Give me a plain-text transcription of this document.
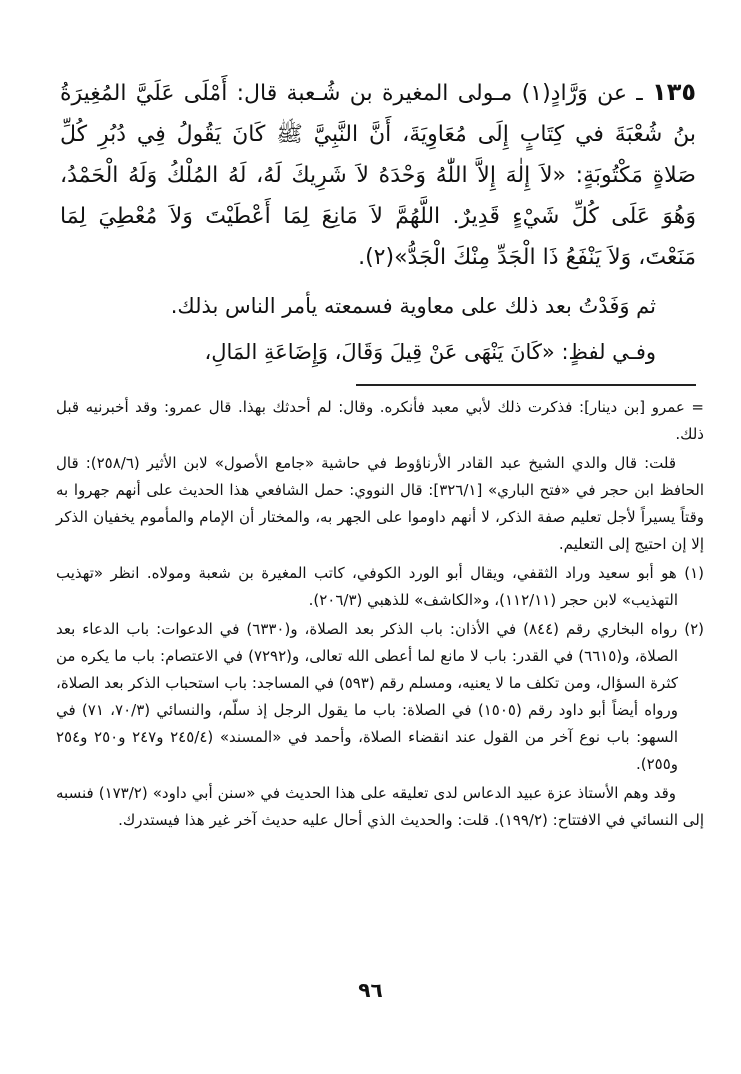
١٣٥ ـ عن وَرَّادٍ(١) مـولى المغيرة بن شُـعبة قال: أَمْلَى عَلَيَّ المُغِيرَةُ بنُ شُعْبَةَ في كِتَابٍ إِلَى مُعَاوِيَةَ، أَنَّ النَّبِيَّ ﷺ كَانَ يَقُولُ فِي دُبُرِ كُلِّ صَلاةٍ مَكْتُوبَةٍ: «لاَ إِلٰهَ إِلاَّ اللّٰهُ وَحْدَهُ لاَ شَرِيكَ لَهُ، لَهُ المُلْكُ وَلَهُ الْحَمْدُ، وَهُوَ عَلَى كُلِّ شَيْءٍ قَدِيرٌ. اللَّهُمَّ لاَ مَانِعَ لِمَا أَعْطَيْتَ وَلاَ مُعْطِيَ لِمَا مَنَعْتَ، وَلاَ يَنْفَعُ ذَا الْجَدِّ مِنْكَ الْجَدُّ»(٢).

ثم وَفَدْتُ بعد ذلك على معاوية فسمعته يأمر الناس بذلك.

وفـي لفظٍ: «كَانَ يَنْهَى عَنْ قِيلَ وَقَالَ، وَإِضَاعَةِ المَالِ،

= عمرو [بن دينار]: فذكرت ذلك لأبي معبد فأنكره. وقال: لم أحدثك بهذا. قال عمرو: وقد أخبرنيه قبل ذلك.

قلت: قال والدي الشيخ عبد القادر الأرناؤوط في حاشية «جامع الأصول» لابن الأثير (٢٥٨/٦): قال الحافظ ابن حجر في «فتح الباري» [٣٢٦/١]: قال النووي: حمل الشافعي هذا الحديث على أنهم جهروا به وقتاً يسيراً لأجل تعليم صفة الذكر، لا أنهم داوموا على الجهر به، والمختار أن الإمام والمأموم يخفيان الذكر إلا إن احتيج إلى التعليم.

(١) هو أبو سعيد وراد الثقفي، ويقال أبو الورد الكوفي، كاتب المغيرة بن شعبة ومولاه. انظر «تهذيب التهذيب» لابن حجر (١١٢/١١)، و«الكاشف» للذهبي (٢٠٦/٣).

(٢) رواه البخاري رقم (٨٤٤) في الأذان: باب الذكر بعد الصلاة، و(٦٣٣٠) في الدعوات: باب الدعاء بعد الصلاة، و(٦٦١٥) في القدر: باب لا مانع لما أعطى الله تعالى، و(٧٢٩٢) في الاعتصام: باب ما يكره من كثرة السؤال، ومن تكلف ما لا يعنيه، ومسلم رقم (٥٩٣) في المساجد: باب استحباب الذكر بعد الصلاة، ورواه أيضاً أبو داود رقم (١٥٠٥) في الصلاة: باب ما يقول الرجل إذ سلّم، والنسائي (٧٠/٣، ٧١) في السهو: باب نوع آخر من القول عند انقضاء الصلاة، وأحمد في «المسند» (٢٤٥/٤ و٢٤٧ و٢٥٠ و٢٥٤ و٢٥٥).

وقد وهم الأستاذ عزة عبيد الدعاس لدى تعليقه على هذا الحديث في «سنن أبي داود» (١٧٣/٢) فنسبه إلى النسائي في الافتتاح: (١٩٩/٢). قلت: والحديث الذي أحال عليه حديث آخر غير هذا فيستدرك.

٩٦
